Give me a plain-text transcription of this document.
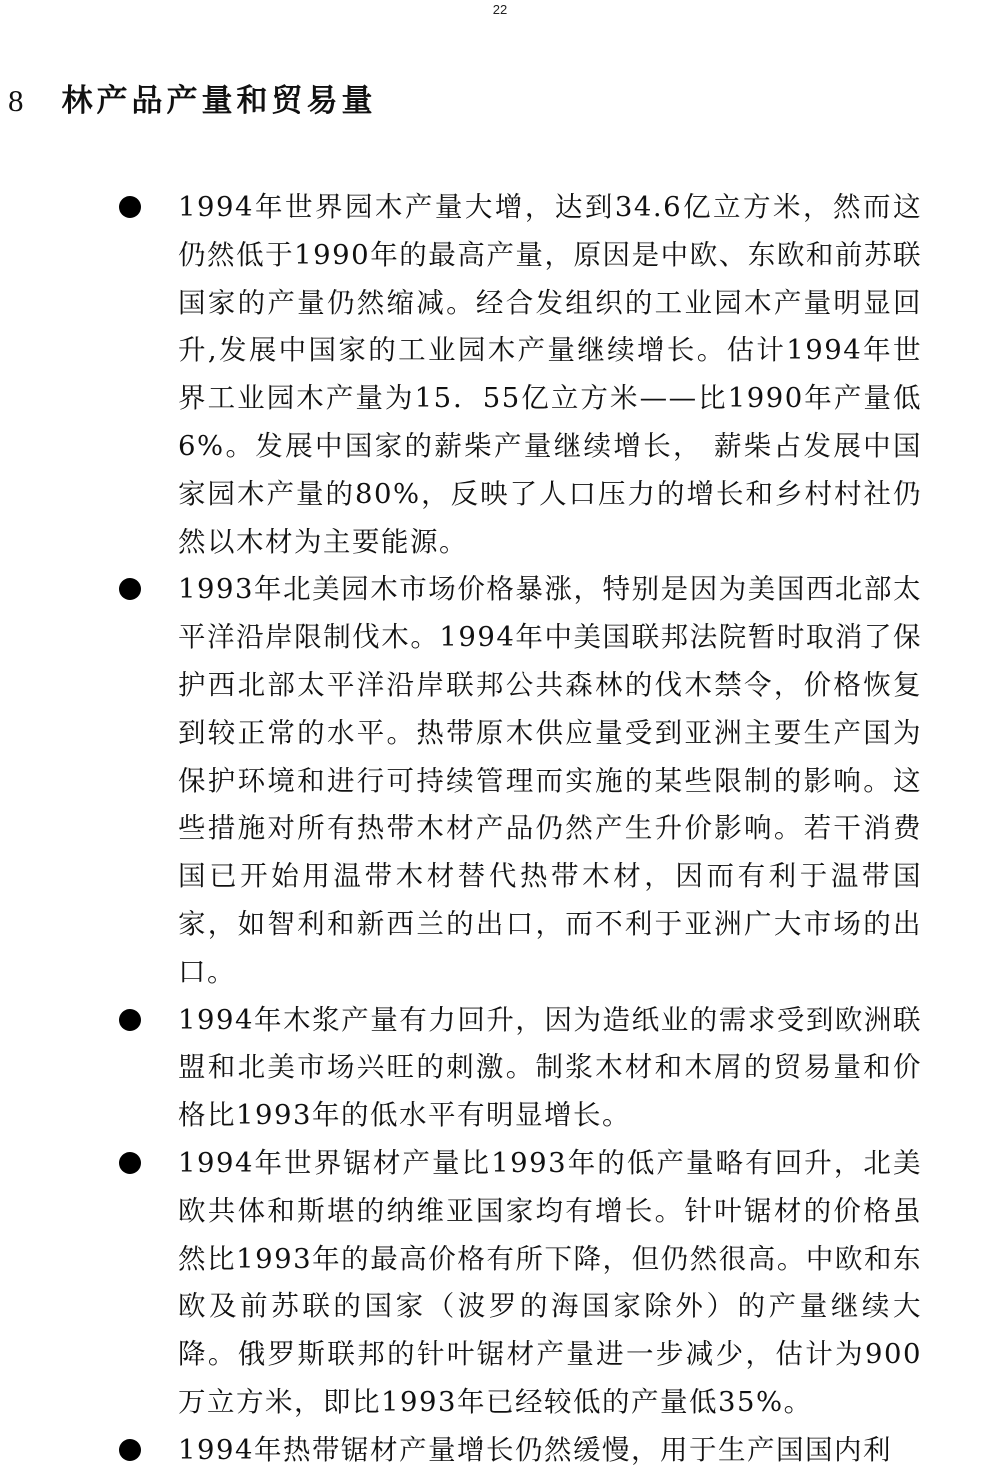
22
8 林产品产量和贸易量
1994年世界园木产量大增，达到34.6亿立方米，然而这仍然低于1990年的最高产量，原因是中欧、东欧和前苏联国家的产量仍然缩减。经合发组织的工业园木产量明显回升,发展中国家的工业园木产量继续增长。估计1994年世界工业园木产量为15．55亿立方米——比1990年产量低6%。发展中国家的薪柴产量继续增长， 薪柴占发展中国家园木产量的80%，反映了人口压力的增长和乡村村社仍然以木材为主要能源。
1993年北美园木市场价格暴涨，特别是因为美国西北部太平洋沿岸限制伐木。1994年中美国联邦法院暂时取消了保护西北部太平洋沿岸联邦公共森林的伐木禁令，价格恢复到较正常的水平。热带原木供应量受到亚洲主要生产国为保护环境和进行可持续管理而实施的某些限制的影响。这些措施对所有热带木材产品仍然产生升价影响。若干消费国已开始用温带木材替代热带木材，因而有利于温带国家，如智利和新西兰的出口，而不利于亚洲广大市场的出口。
1994年木浆产量有力回升，因为造纸业的需求受到欧洲联盟和北美市场兴旺的刺激。制浆木材和木屑的贸易量和价格比1993年的低水平有明显增长。
1994年世界锯材产量比1993年的低产量略有回升，北美欧共体和斯堪的纳维亚国家均有增长。针叶锯材的价格虽然比1993年的最高价格有所下降，但仍然很高。中欧和东欧及前苏联的国家（波罗的海国家除外）的产量继续大降。俄罗斯联邦的针叶锯材产量进一步减少，估计为900万立方米，即比1993年已经较低的产量低35%。
1994年热带锯材产量增长仍然缓慢，用于生产国国内利
